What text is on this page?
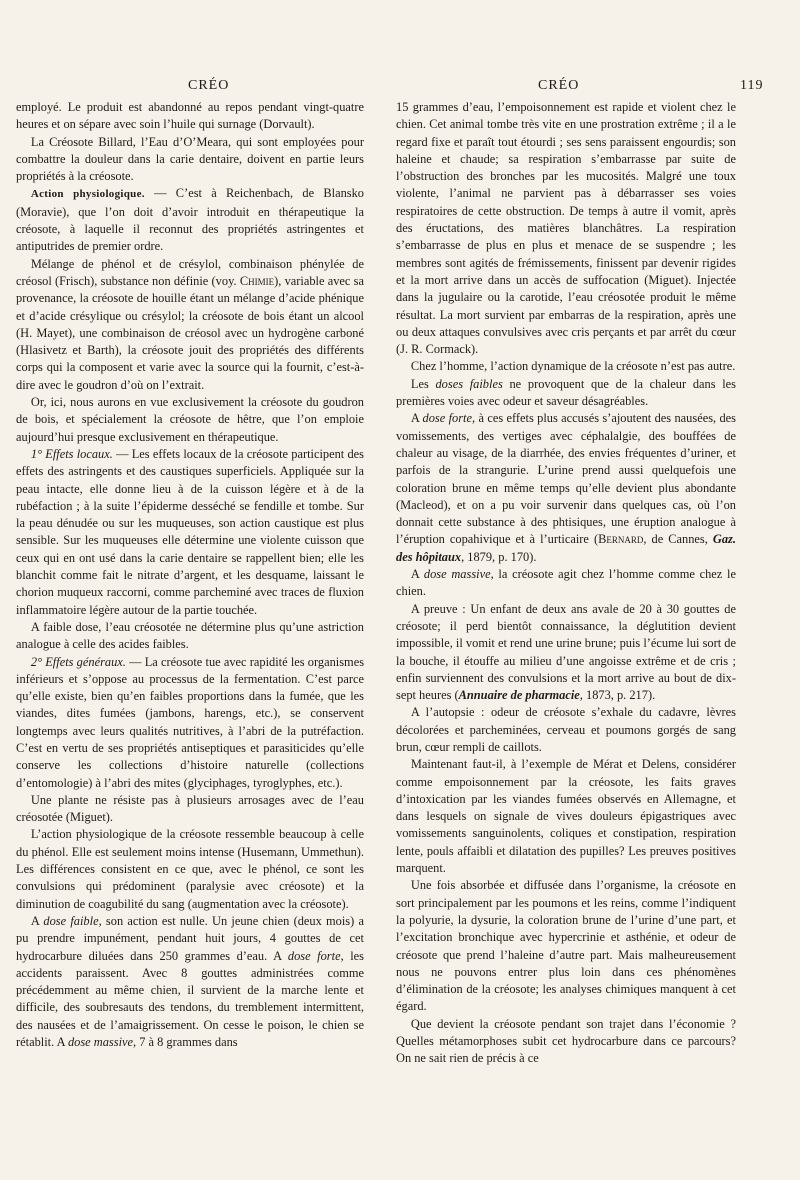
CRÉO	CRÉO	119

employé. Le produit est abandonné au repos pendant vingt-quatre heures et on sépare avec soin l’huile qui surnage (Dorvault).

La Créosote Billard, l’Eau d’O’Meara, qui sont employées pour combattre la douleur dans la carie dentaire, doivent en partie leurs propriétés à la créosote.

Action physiologique. — C’est à Reichenbach, de Blansko (Moravie), que l’on doit d’avoir introduit en thérapeutique la créosote, à laquelle il reconnut des propriétés astringentes et antiputrides de premier ordre.

Mélange de phénol et de crésylol, combinaison phénylée de créosol (Frisch), substance non définie (voy. Chimie), variable avec sa provenance, la créosote de houille étant un mélange d’acide phénique et d’acide crésylique ou crésylol; la créosote de bois étant un alcool (H. Mayet), une combinaison de créosol avec un hydrogène carboné (Hlasivetz et Barth), la créosote jouit des propriétés des différents corps qui la composent et varie avec la source qui la fournit, c’est-à-dire avec le goudron d’où on l’extrait.

Or, ici, nous aurons en vue exclusivement la créosote du goudron de bois, et spécialement la créosote de hêtre, que l’on emploie aujourd’hui presque exclusivement en thérapeutique.

1° Effets locaux. — Les effets locaux de la créosote participent des effets des astringents et des caustiques superficiels. Appliquée sur la peau intacte, elle donne lieu à de la cuisson légère et à de la rubéfaction ; à la suite l’épiderme desséché se fendille et tombe. Sur la peau dénudée ou sur les muqueuses, son action caustique est plus sensible. Sur les muqueuses elle détermine une violente cuisson que ceux qui en ont usé dans la carie dentaire se rappellent bien; elle les blanchit comme fait le nitrate d’argent, et les desquame, laissant le chorion muqueux raccorni, comme parcheminé avec traces de fluxion inflammatoire légère autour de la partie touchée.

A faible dose, l’eau créosotée ne détermine plus qu’une astriction analogue à celle des acides faibles.

2° Effets généraux. — La créosote tue avec rapidité les organismes inférieurs et s’oppose au processus de la fermentation. C’est parce qu’elle existe, bien qu’en faibles proportions dans la fumée, que les viandes, dites fumées (jambons, harengs, etc.), se conservent longtemps avec leurs qualités nutritives, à l’abri de la putréfaction. C’est en vertu de ses propriétés antiseptiques et parasiticides qu’elle conserve les collections d’histoire naturelle (collections d’entomologie) à l’abri des mites (glyciphages, tyroglyphes, etc.).

Une plante ne résiste pas à plusieurs arrosages avec de l’eau créosotée (Miguet).

L’action physiologique de la créosote ressemble beaucoup à celle du phénol. Elle est seulement moins intense (Husemann, Ummethun). Les différences consistent en ce que, avec le phénol, ce sont les convulsions qui prédominent (paralysie avec créosote) et la diminution de coagubilité du sang (augmentation avec la créosote).

A dose faible, son action est nulle. Un jeune chien (deux mois) a pu prendre impunément, pendant huit jours, 4 gouttes de cet hydrocarbure diluées dans 250 grammes d’eau. A dose forte, les accidents paraissent. Avec 8 gouttes administrées comme précédemment au même chien, il survient de la marche lente et difficile, des soubresauts des tendons, du tremblement intermittent, des nausées et de l’amaigrissement. On cesse le poison, le chien se rétablit. A dose massive, 7 à 8 grammes dans

15 grammes d’eau, l’empoisonnement est rapide et violent chez le chien. Cet animal tombe très vite en une prostration extrême ; il a le regard fixe et paraît tout étourdi ; ses sens paraissent engourdis; son haleine et chaude; sa respiration s’embarrasse par suite de l’obstruction des bronches par les mucosités. Malgré une toux violente, l’animal ne parvient pas à débarrasser ses voies respiratoires de cette obstruction. De temps à autre il vomit, après des éructations, des matières blanchâtres. La respiration s’embarrasse de plus en plus et menace de se suspendre ; les membres sont agités de frémissements, finissent par devenir rigides et la mort arrive dans un accès de suffocation (Miguet). Injectée dans la jugulaire ou la carotide, l’eau créosotée produit le même résultat. La mort survient par embarras de la respiration, après une ou deux attaques convulsives avec cris perçants et par arrêt du cœur (J. R. Cormack).

Chez l’homme, l’action dynamique de la créosote n’est pas autre.

Les doses faibles ne provoquent que de la chaleur dans les premières voies avec odeur et saveur désagréables.

A dose forte, à ces effets plus accusés s’ajoutent des nausées, des vomissements, des vertiges avec céphalalgie, des bouffées de chaleur au visage, de la diarrhée, des envies fréquentes d’uriner, et parfois de la strangurie. L’urine prend aussi quelquefois une coloration brune en même temps qu’elle devient plus abondante (Macleod), et on a pu voir survenir dans quelques cas, où l’on donnait cette substance à des phtisiques, une éruption analogue à l’éruption copahivique et à l’urticaire (Bernard, de Cannes, Gaz. des hôpitaux, 1879, p. 170).

A dose massive, la créosote agit chez l’homme comme chez le chien.

A preuve : Un enfant de deux ans avale de 20 à 30 gouttes de créosote; il perd bientôt connaissance, la déglutition devient impossible, il vomit et rend une urine brune; puis l’écume lui sort de la bouche, il étouffe au milieu d’une angoisse extrême et de cris ; enfin surviennent des convulsions et la mort arrive au bout de dix-sept heures (Annuaire de pharmacie, 1873, p. 217).

A l’autopsie : odeur de créosote s’exhale du cadavre, lèvres décolorées et parcheminées, cerveau et poumons gorgés de sang brun, cœur rempli de caillots.

Maintenant faut-il, à l’exemple de Mérat et Delens, considérer comme empoisonnement par la créosote, les faits graves d’intoxication par les viandes fumées observés en Allemagne, et dans lesquels on signale de vives douleurs épigastriques avec vomissements sanguinolents, coliques et constipation, respiration lente, pouls affaibli et dilatation des pupilles? Les preuves positives marquent.

Une fois absorbée et diffusée dans l’organisme, la créosote en sort principalement par les poumons et les reins, comme l’indiquent la polyurie, la dysurie, la coloration brune de l’urine d’une part, et l’excitation bronchique avec hypercrinie et asthénie, et odeur de créosote que prend l’haleine d’autre part. Mais malheureusement nous ne pouvons entrer plus loin dans ces phénomènes d’élimination de la créosote; les analyses chimiques manquent à cet égard.

Que devient la créosote pendant son trajet dans l’économie ? Quelles métamorphoses subit cet hydrocarbure dans ce parcours? On ne sait rien de précis à ce
